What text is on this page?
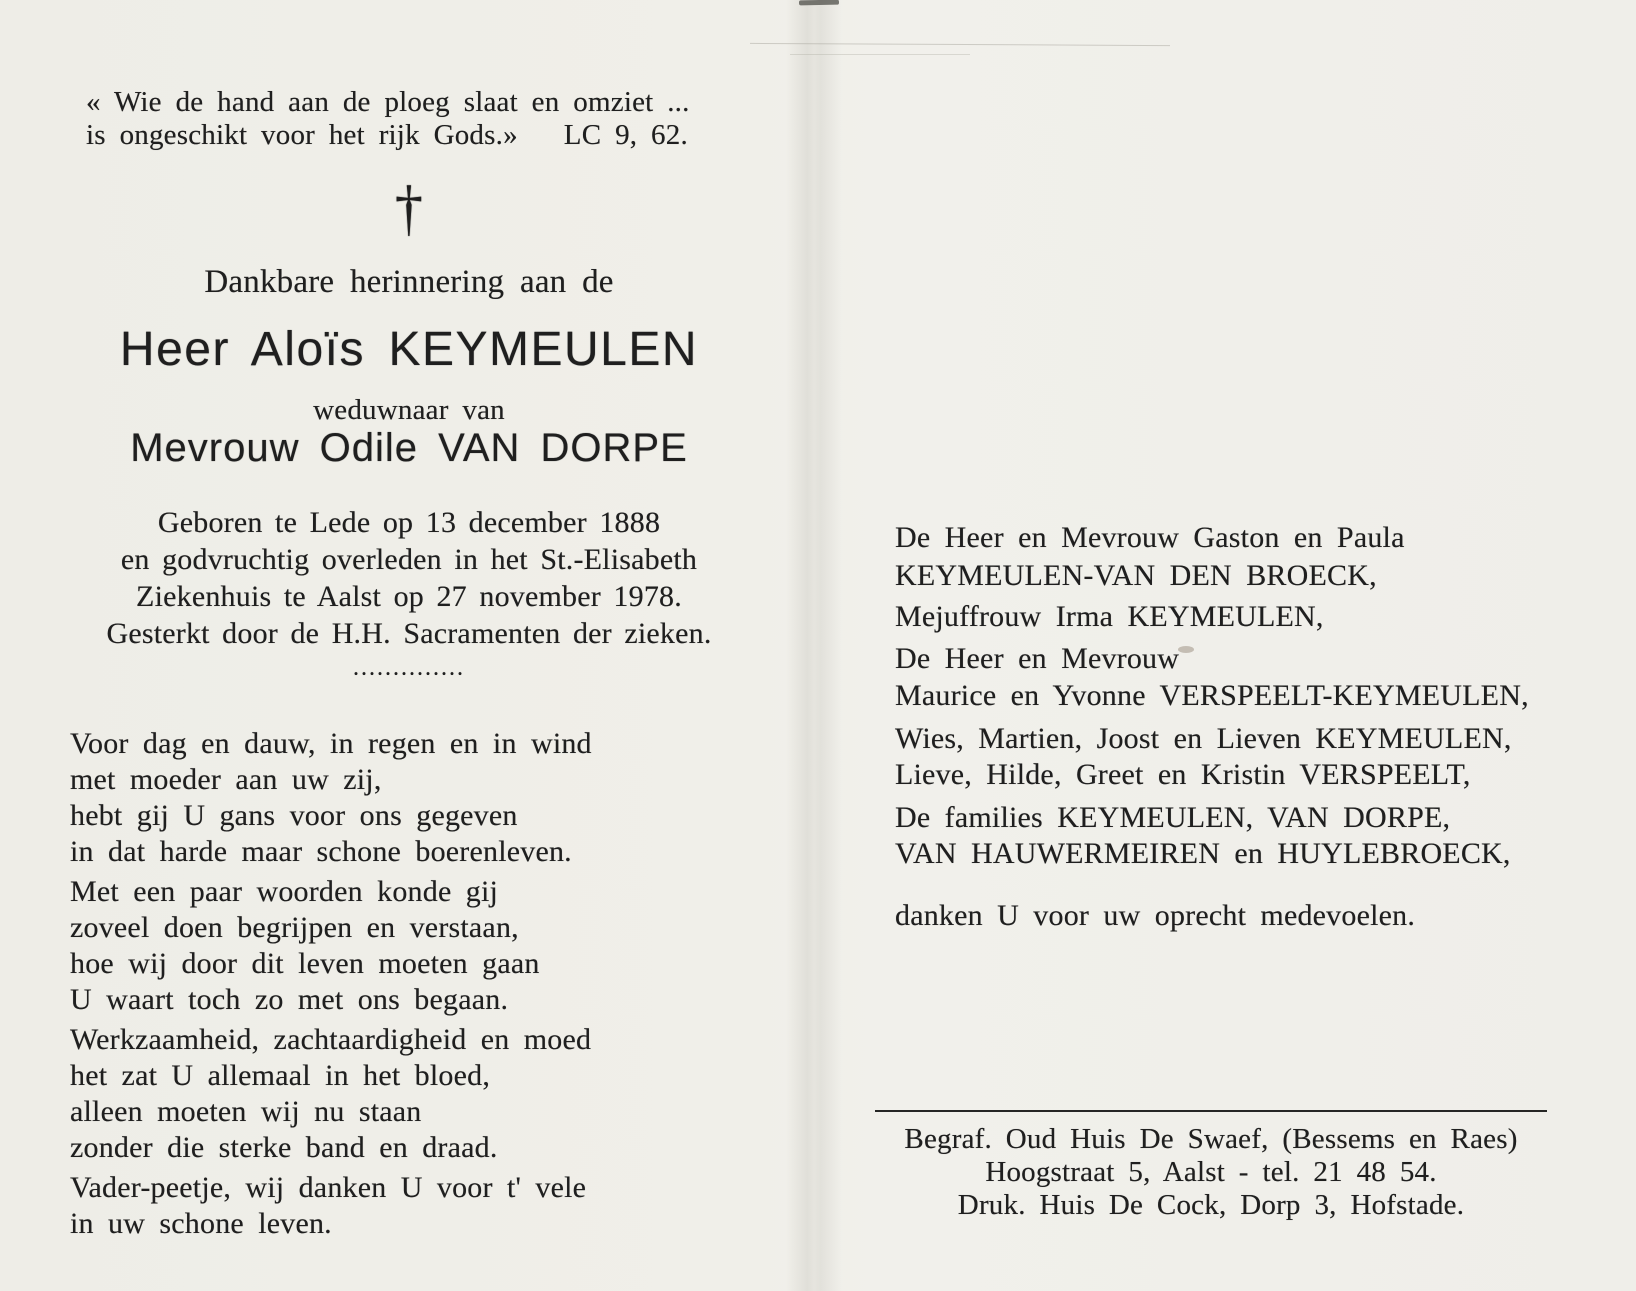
« Wie de hand aan de ploeg slaat en omziet ...
is ongeschikt voor het rijk Gods.» LC 9, 62.
†
Dankbare herinnering aan de
Heer Aloïs KEYMEULEN
weduwnaar van
Mevrouw Odile VAN DORPE
Geboren te Lede op 13 december 1888
en godvruchtig overleden in het St.-Elisabeth
Ziekenhuis te Aalst op 27 november 1978.
Gesterkt door de H.H. Sacramenten der zieken.
..............
Voor dag en dauw, in regen en in wind
met moeder aan uw zij,
hebt gij U gans voor ons gegeven
in dat harde maar schone boerenleven.
Met een paar woorden konde gij
zoveel doen begrijpen en verstaan,
hoe wij door dit leven moeten gaan
U waart toch zo met ons begaan.
Werkzaamheid, zachtaardigheid en moed
het zat U allemaal in het bloed,
alleen moeten wij nu staan
zonder die sterke band en draad.
Vader-peetje, wij danken U voor t' vele
in uw schone leven.
De Heer en Mevrouw Gaston en Paula
KEYMEULEN-VAN DEN BROECK,
Mejuffrouw Irma KEYMEULEN,
De Heer en Mevrouw
Maurice en Yvonne VERSPEELT-KEYMEULEN,
Wies, Martien, Joost en Lieven KEYMEULEN,
Lieve, Hilde, Greet en Kristin VERSPEELT,
De families KEYMEULEN, VAN DORPE,
VAN HAUWERMEIREN en HUYLEBROECK,
danken U voor uw oprecht medevoelen.
Begraf. Oud Huis De Swaef, (Bessems en Raes)
Hoogstraat 5, Aalst - tel. 21 48 54.
Druk. Huis De Cock, Dorp 3, Hofstade.
